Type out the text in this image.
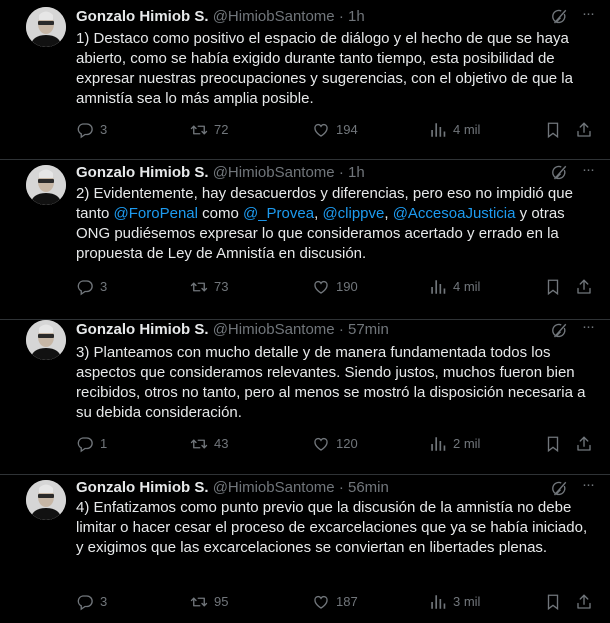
Gonzalo Himiob S. @HimiobSantome · 1h	···
1) Destaco como positivo el espacio de diálogo y el hecho de que se haya abierto, como se había exigido durante tanto tiempo, esta posibilidad de expresar nuestras preocupaciones y sugerencias, con el objetivo de que la amnistía sea lo más amplia posible.
3	72	194	4 mil
Gonzalo Himiob S. @HimiobSantome · 1h	···
2) Evidentemente, hay desacuerdos y diferencias, pero eso no impidió que tanto @ForoPenal como @_Provea, @clippve, @AccesoaJusticia y otras ONG pudiésemos expresar lo que consideramos acertado y errado en la propuesta de Ley de Amnistía en discusión.
3	73	190	4 mil
Gonzalo Himiob S. @HimiobSantome · 57min	···
3) Planteamos con mucho detalle y de manera fundamentada todos los aspectos que consideramos relevantes. Siendo justos, muchos fueron bien recibidos, otros no tanto, pero al menos se mostró la disposición necesaria a su debida consideración.
1	43	120	2 mil
Gonzalo Himiob S. @HimiobSantome · 56min	···
4) Enfatizamos como punto previo que la discusión de la amnistía no debe limitar o hacer cesar el proceso de excarcelaciones que ya se había iniciado, y exigimos que las excarcelaciones se conviertan en libertades plenas.
3	95	187	3 mil
